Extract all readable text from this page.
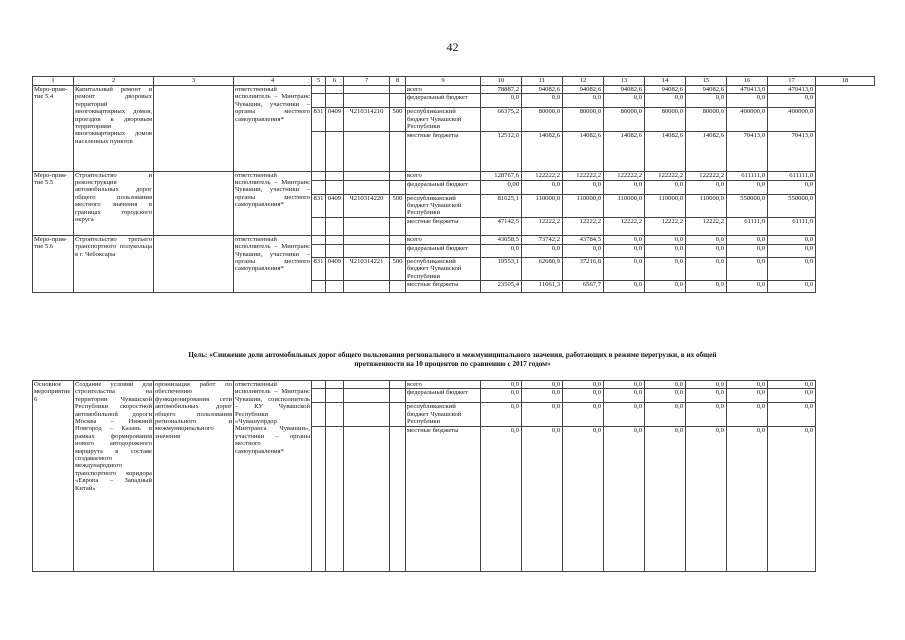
42
1	2	3	4	5	6	7	8	9	10	11	12	13	14	15	16	17	18
Меро-прия-тие 5.4	Капитальный ремонт и ремонт дворовых территорий многоквартирных домов, проездов к дворовым территориям многоквартирных домов населенных пунктов		ответственный исполнитель – Минтранс Чувашии, участники – органы местного самоуправления*					всего	78887,2	94082,6	94082,6	94082,6	94082,6	94082,6	470413,0	470413,0	
								федеральный бюджет	0,0	0,0	0,0	0,0	0,0	0,0	0,0	0,0	
				831	0409	Ч210314210	500	республиканский бюджет Чувашской Республики	66375,2	80000,0	80000,0	80000,0	80000,0	80000,0	400000,0	400000,0	
								местные бюджеты	12512,0	14082,6	14082,6	14082,6	14082,6	14082,6	70413,0	70413,0	
Меро-прия-тие 5.5	Строительство и реконструкция автомобильных дорог общего пользования местного значения в границах городского округа		ответственный исполнитель – Минтранс Чувашии, участники – органы местного самоуправления*					всего	128767,6	122222,2	122222,2	122222,2	122222,2	122222,2	611111,0	611111,0	
								федеральный бюджет	0,00	0,0	0,0	0,0	0,0	0,0	0,0	0,0	
				831	0409	Ч210314220	500	республиканский бюджет Чувашской Республики	81625,1	110000,0	110000,0	110000,0	110000,0	110000,0	550000,0	550000,0	
								местные бюджеты	47142,5	12222,2	12222,2	12222,2	12222,2	12222,2	61111,0	61111,0	
Меро-прия-тие 5.6	Строительство третьего транспортного полукольца в г. Чебоксары		ответственный исполнитель – Минтранс Чувашии, участники – органы местного самоуправления*					всего	43058,5	73742,2	43784,5	0,0	0,0	0,0	0,0	0,0	
								федеральный бюджет	0,0	0,0	0,0	0,0	0,0	0,0	0,0	0,0	
				831	0409	Ч210314221	500	республиканский бюджет Чувашской Республики	19553,1	62680,9	37216,8	0,0	0,0	0,0	0,0	0,0	
								местные бюджеты	23505,4	11061,3	6567,7	0,0	0,0	0,0	0,0	0,0	
Цель: «Снижение доли автомобильных дорог общего пользования регионального и межмуниципального значения, работающих в режиме перегрузки, в их общей протяженности на 10 процентов по сравнению с 2017 годом»
Основное мероприятие 6	Создание условий для строительства на территории Чувашской Республики скоростной автомобильной дороги Москва – Нижний Новгород – Казань в рамках формирования нового автодорожного маршрута в составе создаваемого международного транспортного коридора «Европа – Западный Китай»	организация работ по обеспечению функционирования сети автомобильных дорог общего пользования регионального и межмуниципального значения	ответственный исполнитель – Минтранс Чувашии, соисполнитель – КУ Чувашской Республики «Чувашупрдор Минтранса Чувашии», участники – органы местного самоуправления*					всего	0,0	0,0	0,0	0,0	0,0	0,0	0,0	0,0
								федеральный бюджет	0,0	0,0	0,0	0,0	0,0	0,0	0,0	0,0
								республиканский бюджет Чувашской Республики	0,0	0,0	0,0	0,0	0,0	0,0	0,0	0,0
								местные бюджеты	0,0	0,0	0,0	0,0	0,0	0,0	0,0	0,0
